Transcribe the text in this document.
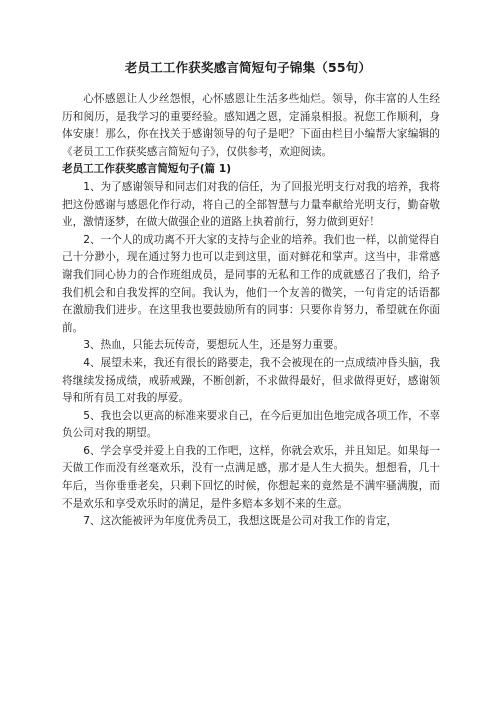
老员工工作获奖感言简短句子锦集（55句）

心怀感恩让人少丝怨恨，心怀感恩让生活多些灿烂。领导，你丰富的人生经历和阅历，是我学习的重要经验。感知遇之恩，定涌泉相报。祝您工作顺利，身体安康！那么，你在找关于感谢领导的句子是吧？下面由栏目小编帮大家编辑的《老员工工作获奖感言简短句子》，仅供参考，欢迎阅读。

老员工工作获奖感言简短句子(篇 1)

1、为了感谢领导和同志们对我的信任，为了回报光明支行对我的培养，我将把这份感谢与感恩化作行动，将自己的全部智慧与力量奉献给光明支行，勤奋敬业，激情逐梦，在做大做强企业的道路上执着前行，努力做到更好！

2、一个人的成功离不开大家的支持与企业的培养。我们也一样，以前觉得自己十分渺小，现在通过努力也可以走到这里，面对鲜花和掌声。这当中，非常感谢我们同心协力的合作班组成员，是同事的无私和工作的成就感召了我们，给予我们机会和自我发挥的空间。我认为，他们一个友善的微笑，一句肯定的话语都在激励我们进步。在这里我也要鼓励所有的同事：只要你肯努力，希望就在你面前。

3、热血，只能去玩传奇，要想玩人生，还是努力重要。

4、展望未来，我还有很长的路要走，我不会被现在的一点成绩冲昏头脑，我将继续发扬成绩，戒骄戒躁，不断创新，不求做得最好，但求做得更好，感谢领导和所有员工对我的厚爱。

5、我也会以更高的标准来要求自己，在今后更加出色地完成各项工作，不辜负公司对我的期望。

6、学会享受并爱上自我的工作吧，这样，你就会欢乐，并且知足。如果每一天做工作而没有丝毫欢乐，没有一点满足感，那才是人生大损失。想想看，几十年后，当你垂垂老矣，只剩下回忆的时候，你想起来的竟然是不满牢骚满腹，而不是欢乐和享受欢乐时的满足，是件多赔本多划不来的生意。

7、这次能被评为年度优秀员工，我想这既是公司对我工作的肯定，
